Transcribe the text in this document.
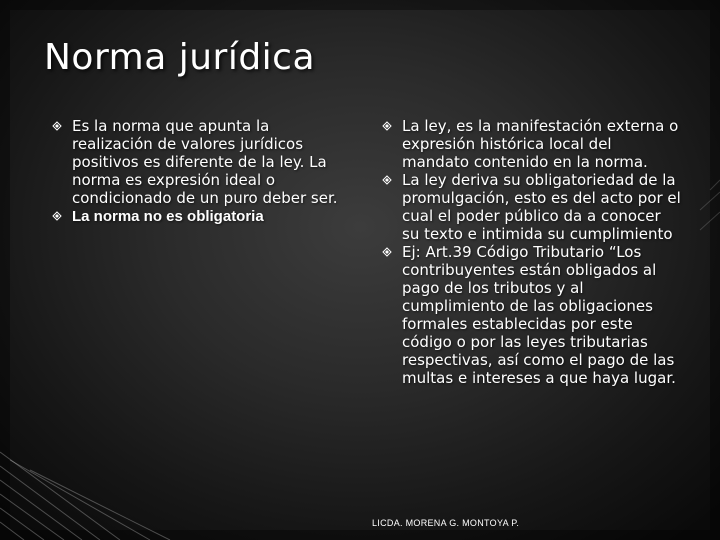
Norma jurídica
Es la norma que apunta la realización de valores jurídicos positivos es diferente de la ley. La norma es expresión ideal o condicionado de un puro deber ser.
La norma no es obligatoria
La ley, es la manifestación externa o expresión histórica local del mandato contenido en la norma.
La ley deriva su obligatoriedad de la promulgación, esto es del acto por el cual el poder público da a conocer su texto e intimida su cumplimiento
Ej: Art.39 Código Tributario “Los contribuyentes están obligados al pago de los tributos y al cumplimiento de las obligaciones formales establecidas por este código o por las leyes tributarias respectivas, así como el pago de las multas e intereses a que haya lugar.
LICDA. MORENA G. MONTOYA P.
